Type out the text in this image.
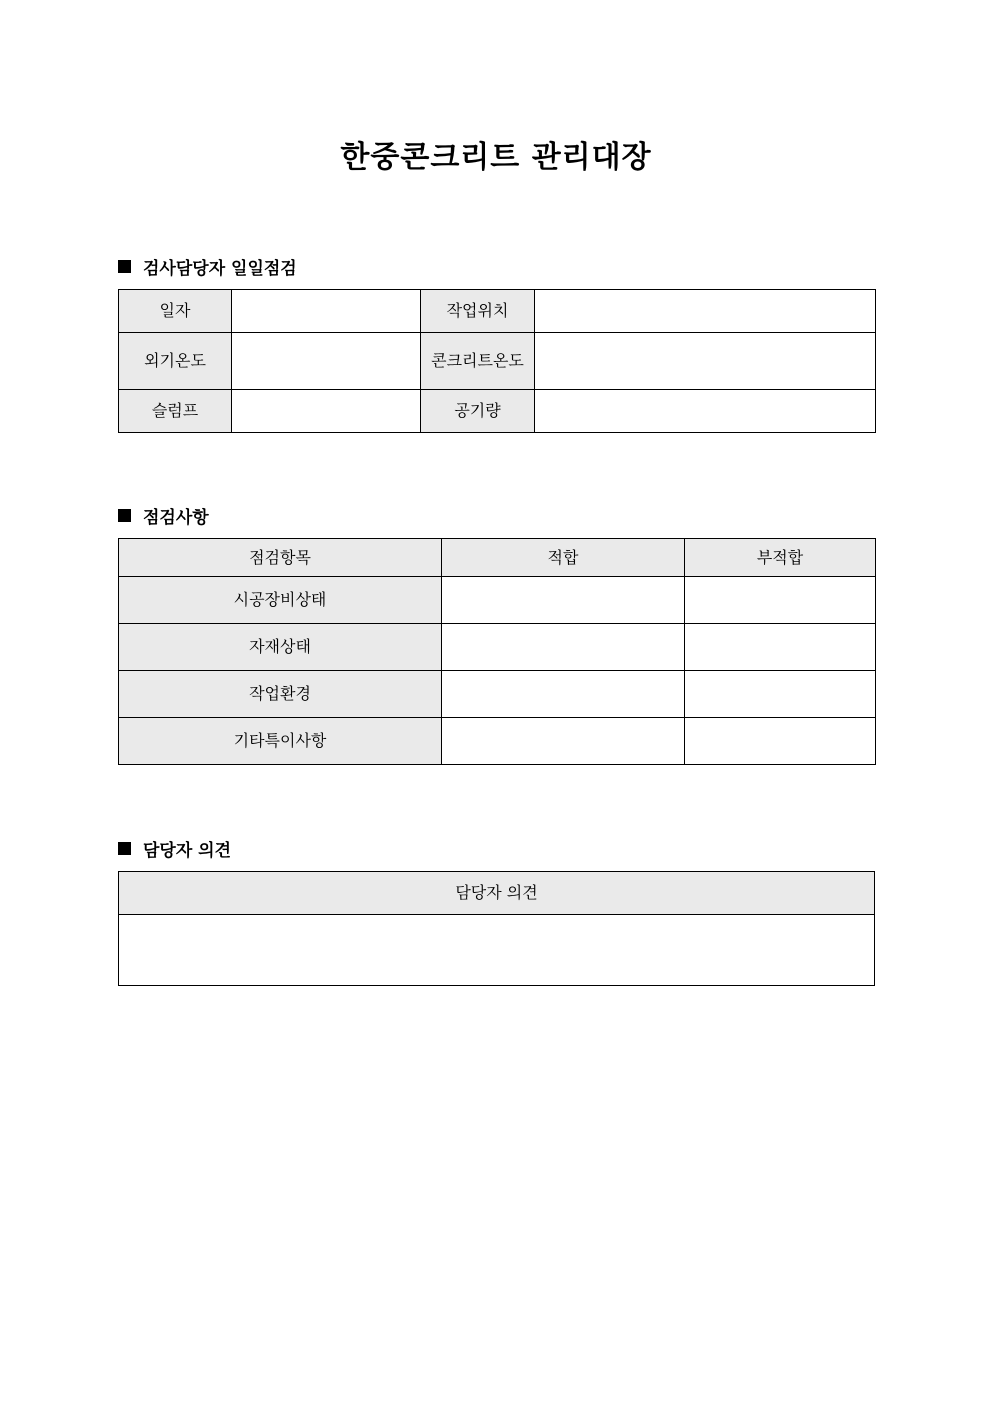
한중콘크리트 관리대장
검사담당자 일일점검
일자		작업위치	
외기온도		콘크리트온도	
슬럼프		공기량	
점검사항
점검항목	적합	부적합
시공장비상태		
자재상태		
작업환경		
기타특이사항		
담당자 의견
담당자 의견
